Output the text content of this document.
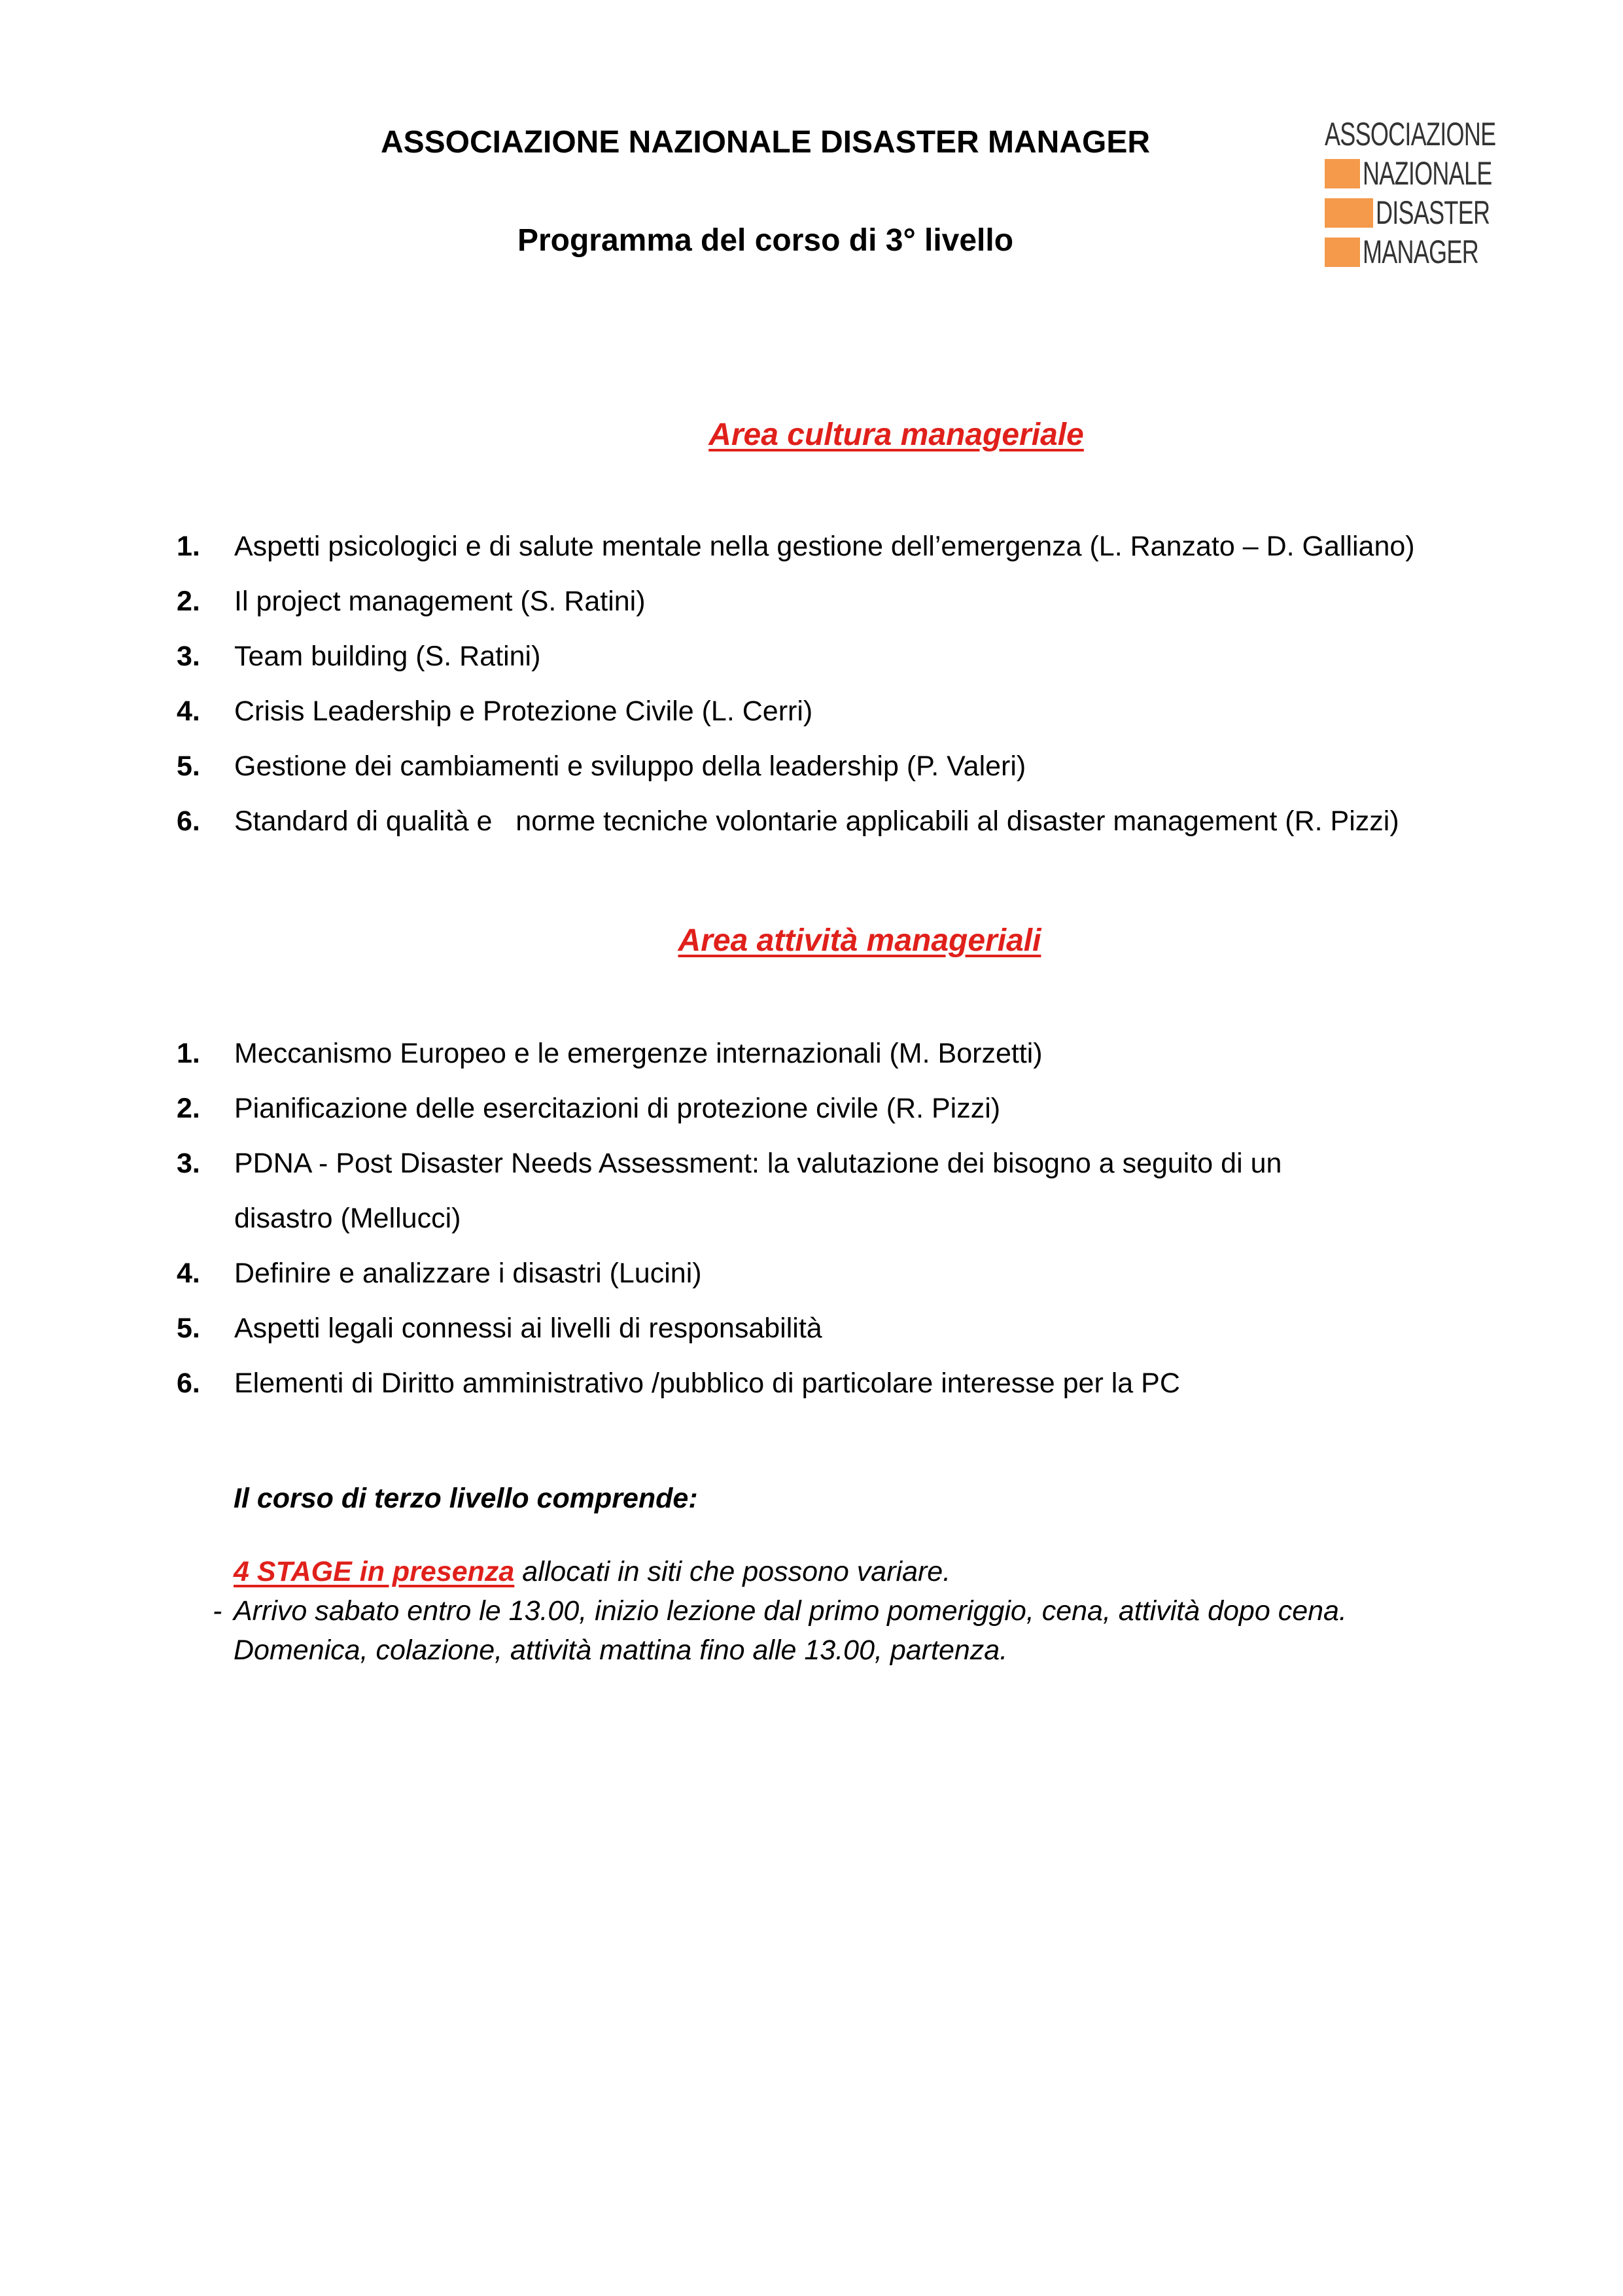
ASSOCIAZIONE NAZIONALE DISASTER MANAGER
Programma del corso di 3° livello
ASSOCIAZIONE
NAZIONALE
DISASTER
MANAGER
Area cultura manageriale
1. Aspetti psicologici e di salute mentale nella gestione dell’emergenza (L. Ranzato – D. Galliano)
2. Il project management (S. Ratini)
3. Team building (S. Ratini)
4. Crisis Leadership e Protezione Civile (L. Cerri)
5. Gestione dei cambiamenti e sviluppo della leadership (P. Valeri)
6. Standard di qualità e   norme tecniche volontarie applicabili al disaster management (R. Pizzi)
Area attività manageriali
1. Meccanismo Europeo e le emergenze internazionali (M. Borzetti)
2. Pianificazione delle esercitazioni di protezione civile (R. Pizzi)
3. PDNA - Post Disaster Needs Assessment: la valutazione dei bisogno a seguito di un
disastro (Mellucci)
4. Definire e analizzare i disastri (Lucini)
5. Aspetti legali connessi ai livelli di responsabilità
6. Elementi di Diritto amministrativo /pubblico di particolare interesse per la PC
Il corso di terzo livello comprende:
4 STAGE in presenza allocati in siti che possono variare.
- Arrivo sabato entro le 13.00, inizio lezione dal primo pomeriggio, cena, attività dopo cena.
Domenica, colazione, attività mattina fino alle 13.00, partenza.
